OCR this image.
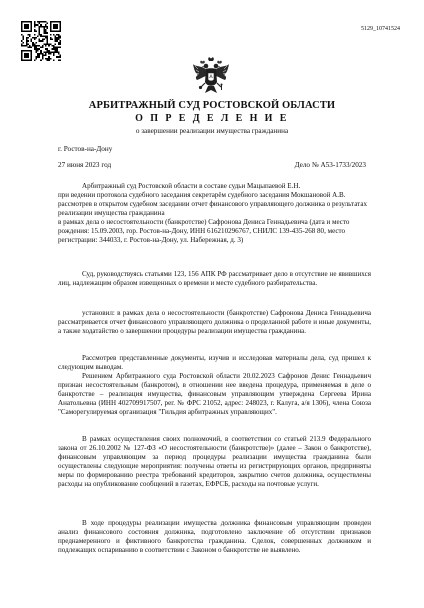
5129_10741524
АРБИТРАЖНЫЙ СУД РОСТОВСКОЙ ОБЛАСТИ
О П Р Е Д Е Л Е Н И Е
о завершении реализации имущества гражданина
г. Ростов-на-Дону
27 июня 2023 год	Дело № А53-1733/2023

Арбитражный суд Ростовской области в составе судьи Мацыпаевой Е.Н.

при ведении протокола судебного заседания секретарём судебного заседания Мокшановой А.В.

рассмотрев в открытом судебном заседании отчет финансового управляющего должника о результатах реализации имущества гражданина

в рамках дела о несостоятельности (банкротстве) Сафронова Дениса Геннадьевича (дата и место рождения: 15.09.2003, гор. Ростов-на-Дону, ИНН 616210296767, СНИЛС 139-435-268 80, место регистрации: 344033, г. Ростов-на-Дону, ул. Набережная, д. 3)

Суд, руководствуясь статьями 123, 156 АПК РФ рассматривает дело в отсутствие не явившихся лиц, надлежащим образом извещенных о времени и месте судебного разбирательства.
установил: в рамках дела о несостоятельности (банкротстве) Сафронова Дениса Геннадьевича рассматривается отчет финансового управляющего должника о проделанной работе и иные документы, а также ходатайство о завершении процедуры реализации имущества гражданина.
Рассмотрев представленные документы, изучив и исследовав материалы дела, суд пришел к следующим выводам.
Решением Арбитражного суда Ростовской области 20.02.2023 Сафронов Денис Геннадьевич признан несостоятельным (банкротом), в отношении нее введена процедура, применяемая в деле о банкротстве – реализация имущества, финансовым управляющим утверждена Сергеева Ирина Анатольевна (ИНН 402709917507, рег. № ФРС 21052, адрес: 248023, г. Калуга, а/я 1306), члена Союза "Саморегулируемая организация "Гильдия арбитражных управляющих".
В рамках осуществления своих полномочий, в соответствии со статьей 213.9 Федерального закона от 26.10.2002 № 127-ФЗ «О несостоятельности (банкротстве)» (далее – Закон о банкротстве), финансовым управляющим за период процедуры реализации имущества гражданина были осуществлены следующие мероприятия: получены ответы из регистрирующих органов, предприняты меры по формированию реестра требований кредиторов, закрытию счетов должника, осуществлены расходы на опубликование сообщений в газетах, ЕФРСБ, расходы на почтовые услуги.
В ходе процедуры реализации имущества должника финансовым управляющим проведен анализ финансового состояния должника, подготовлено заключение об отсутствии признаков преднамеренного и фиктивного банкротства гражданина. Сделок, совершенных должником и подлежащих оспариванию в соответствии с Законом о банкротстве не выявлено.
